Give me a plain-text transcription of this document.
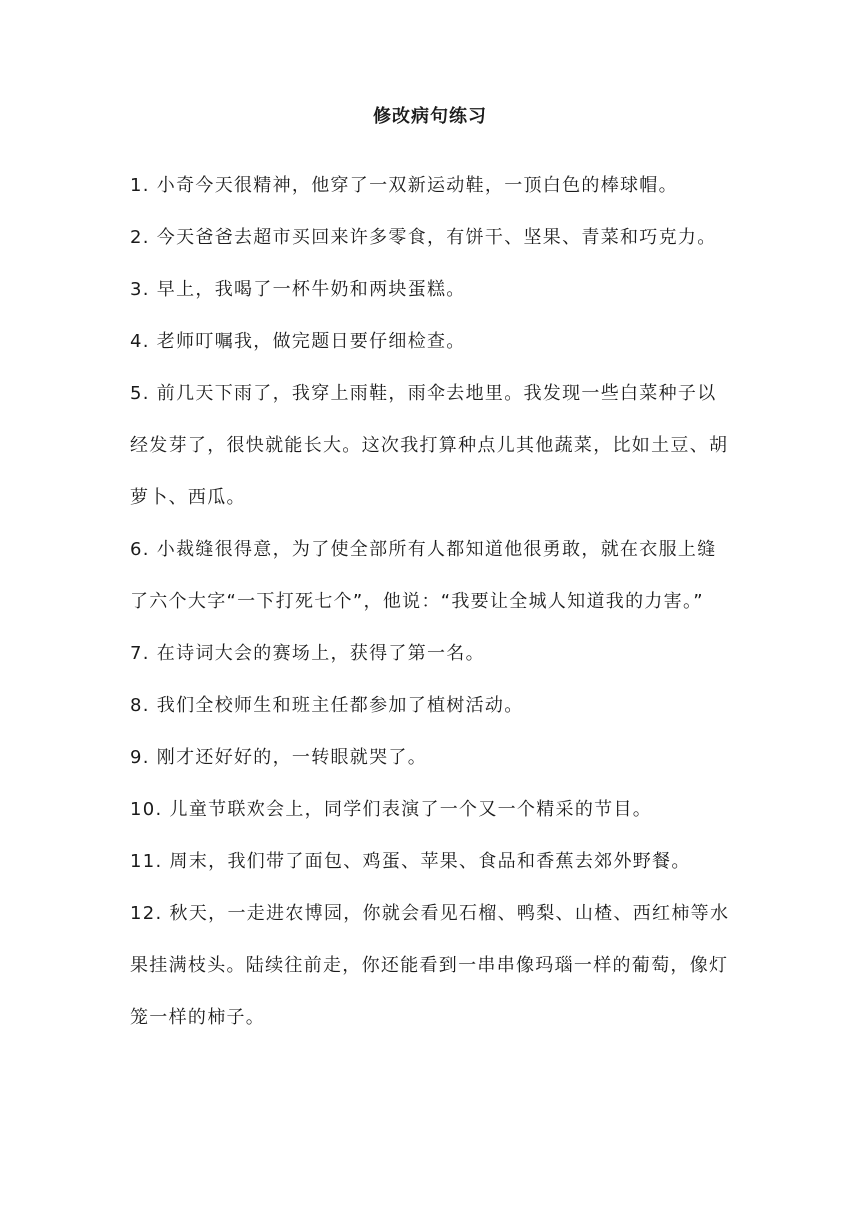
修改病句练习
1. 小奇今天很精神，他穿了一双新运动鞋，一顶白色的棒球帽。
2. 今天爸爸去超市买回来许多零食，有饼干、坚果、青菜和巧克力。
3. 早上，我喝了一杯牛奶和两块蛋糕。
4. 老师叮嘱我，做完题日要仔细检查。
5. 前几天下雨了，我穿上雨鞋，雨伞去地里。我发现一些白菜种子以经发芽了，很快就能长大。这次我打算种点儿其他蔬菜，比如土豆、胡萝卜、西瓜。
6. 小裁缝很得意，为了使全部所有人都知道他很勇敢，就在衣服上缝了六个大字“一下打死七个”，他说：“我要让全城人知道我的力害。”
7. 在诗词大会的赛场上，获得了第一名。
8. 我们全校师生和班主任都参加了植树活动。
9. 刚才还好好的，一转眼就哭了。
10. 儿童节联欢会上，同学们表演了一个又一个精采的节目。
11. 周末，我们带了面包、鸡蛋、苹果、食品和香蕉去郊外野餐。
12. 秋天，一走进农博园，你就会看见石榴、鸭梨、山楂、西红柿等水果挂满枝头。陆续往前走，你还能看到一串串像玛瑙一样的葡萄，像灯笼一样的柿子。
